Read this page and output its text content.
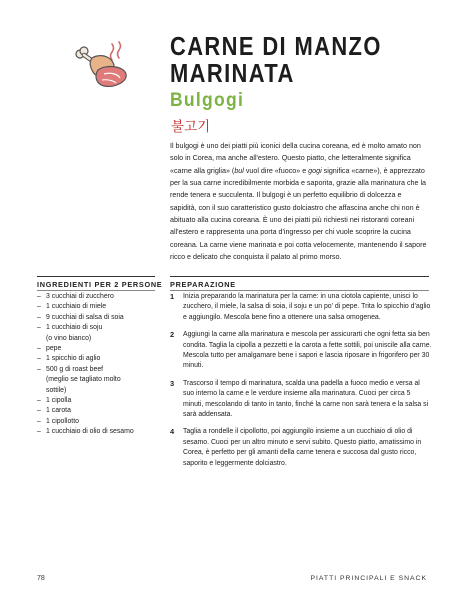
CARNE DI MANZO
MARINATA
Bulgogi
불고기

Il bulgogi è uno dei piatti più iconici della cucina coreana, ed è molto amato non solo in Corea, ma anche all'estero. Questo piatto, che letteralmente significa «carne alla griglia» (bul vuol dire «fuoco» e gogi significa «carne»), è apprezzato per la sua carne incredibilmente morbida e saporita, grazie alla marinatura che la rende tenera e succulenta. Il bulgogi è un perfetto equilibrio di dolcezza e sapidità, con il suo caratteristico gusto dolciastro che affascina anche chi non è abituato alla cucina coreana. È uno dei piatti più richiesti nei ristoranti coreani all'estero e rappresenta una porta d'ingresso per chi vuole scoprire la cucina coreana. La carne viene marinata e poi cotta velocemente, mantenendo il sapore ricco e delicato che conquista il palato al primo morso.

INGREDIENTI PER 2 PERSONE PREPARAZIONE
– 3 cucchiai di zucchero
– 1 cucchiaio di miele
– 9 cucchiai di salsa di soia
– 1 cucchiaio di soju
(o vino bianco)
– pepe
– 1 spicchio di aglio
– 500 g di roast beef
(meglio se tagliato molto
sottile)
– 1 cipolla
– 1 carota
– 1 cipollotto
– 1 cucchiaio di olio di sesamo
1 Inizia preparando la marinatura per la carne: in una ciotola capiente, unisci lo zucchero, il miele, la salsa di soia, il soju e un po' di pepe. Trita lo spicchio d'aglio e aggiungilo. Mescola bene fino a ottenere una salsa omogenea.
2 Aggiungi la carne alla marinatura e mescola per assicurarti che ogni fetta sia ben condita. Taglia la cipolla a pezzetti e la carota a fette sottili, poi uniscile alla carne. Mescola tutto per amalgamare bene i sapori e lascia riposare in frigorifero per 30 minuti.
3 Trascorso il tempo di marinatura, scalda una padella a fuoco medio e versa al suo interno la carne e le verdure insieme alla marinatura. Cuoci per circa 5 minuti, mescolando di tanto in tanto, finché la carne non sarà tenera e la salsa si sarà addensata.
4 Taglia a rondelle il cipollotto, poi aggiungilo insieme a un cucchiaio di olio di sesamo. Cuoci per un altro minuto e servi subito. Questo piatto, amatissimo in Corea, è perfetto per gli amanti della carne tenera e succosa dal gusto ricco, saporito e leggermente dolciastro.
78	PIATTI PRINCIPALI E SNACK
